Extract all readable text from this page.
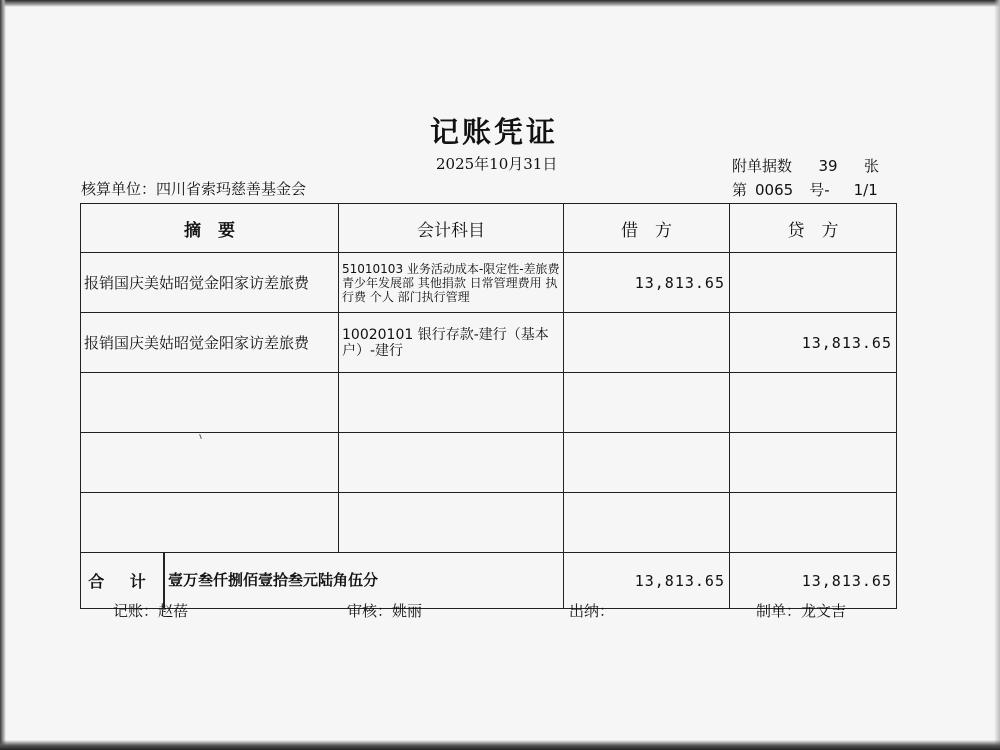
记账凭证
2025年10月31日	附单据数 39 张
核算单位：四川省索玛慈善基金会	第 0065 号- 1/1
摘　要	会计科目	借　方	贷　方
报销国庆美姑昭觉金阳家访差旅费	51010103 业务活动成本-限定性-差旅费 青少年发展部 其他捐款 日常管理费用 执行费 个人 部门执行管理	13,813.65	
报销国庆美姑昭觉金阳家访差旅费	10020101 银行存款-建行（基本户）-建行		13,813.65

合 计 壹万叁仟捌佰壹拾叁元陆角伍分		13,813.65	13,813.65
记账：赵蓓	审核：姚丽	出纳：	制单：龙文吉
